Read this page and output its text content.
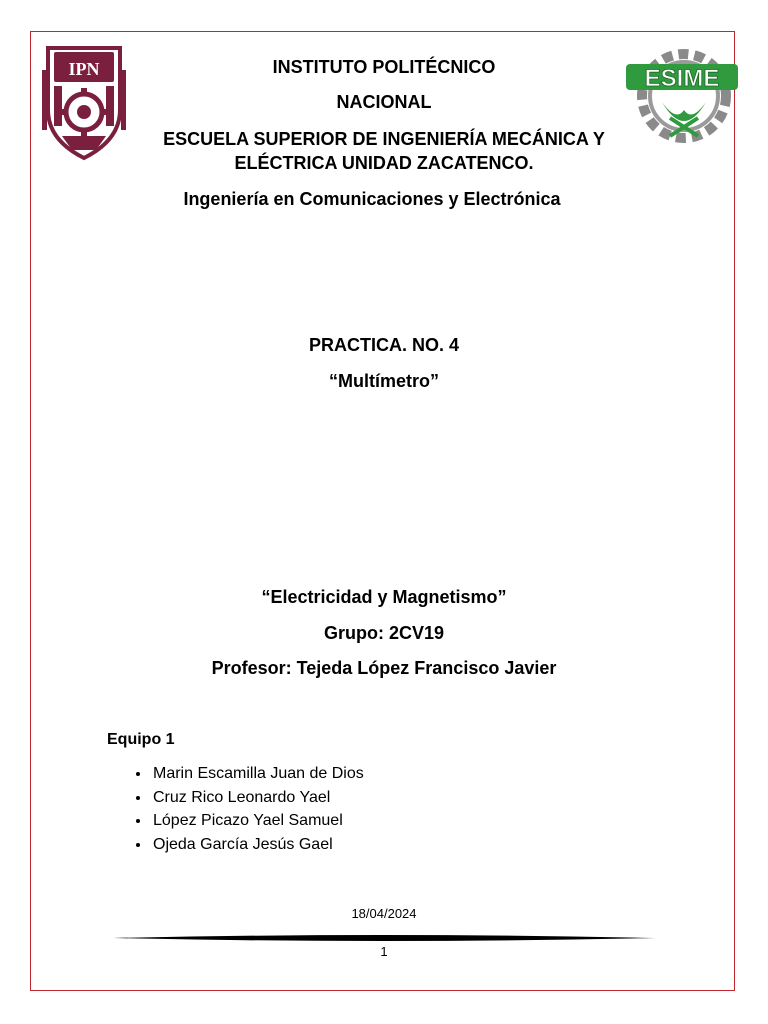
IPN	ESIME
INSTITUTO POLITÉCNICO
NACIONAL
ESCUELA SUPERIOR DE INGENIERÍA MECÁNICA Y
ELÉCTRICA UNIDAD ZACATENCO.
Ingeniería en Comunicaciones y Electrónica
PRACTICA. NO. 4
“Multímetro”
“Electricidad y Magnetismo”
Grupo: 2CV19
Profesor: Tejeda López Francisco Javier
Equipo 1
• Marin Escamilla Juan de Dios
• Cruz Rico Leonardo Yael
• López Picazo Yael Samuel
• Ojeda García Jesús Gael
18/04/2024
1
